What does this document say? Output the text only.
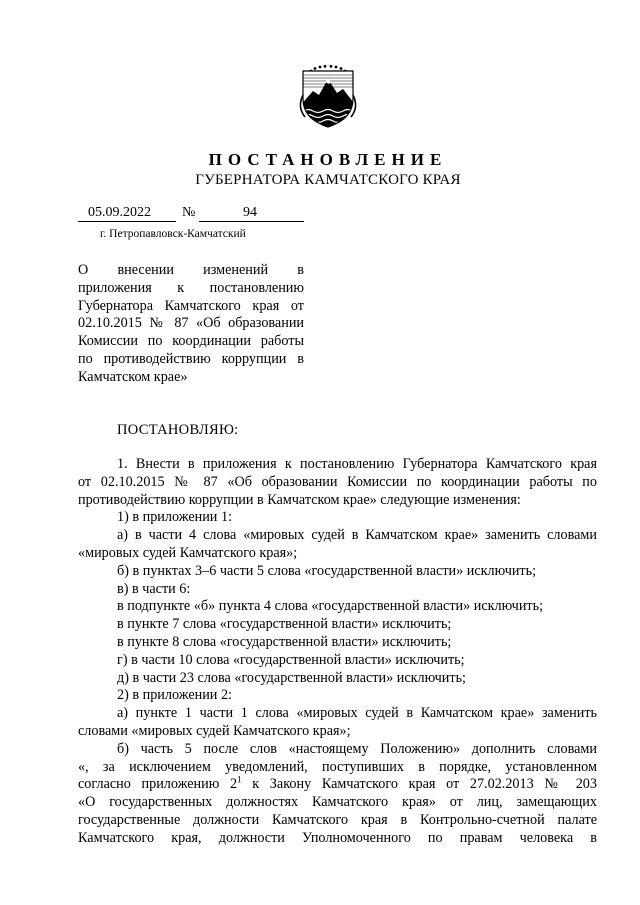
ПОСТАНОВЛЕНИЕ
ГУБЕРНАТОРА КАМЧАТСКОГО КРАЯ
05.09.2022 №	94
г. Петропавловск-Камчатский

О внесении изменений в

приложения к постановлению

Губернатора Камчатского края от

02.10.2015 № 87 «Об образовании

Комиссии по координации работы

по противодействию коррупции в

Камчатском крае»

ПОСТАНОВЛЯЮ:

1. Внести в приложения к постановлению Губернатора Камчатского края

от 02.10.2015 № 87 «Об образовании Комиссии по координации работы по

противодействию коррупции в Камчатском крае» следующие изменения:

1) в приложении 1:

а) в части 4 слова «мировых судей в Камчатском крае» заменить словами

«мировых судей Камчатского края»;

б) в пунктах 3–6 части 5 слова «государственной власти» исключить;

в) в части 6:

в подпункте «б» пункта 4 слова «государственной власти» исключить;

в пункте 7 слова «государственной власти» исключить;

в пункте 8 слова «государственной власти» исключить;

г) в части 10 слова «государственной власти» исключить;

д) в части 23 слова «государственной власти» исключить;

2) в приложении 2:

а) пункте 1 части 1 слова «мировых судей в Камчатском крае» заменить

словами «мировых судей Камчатского края»;

б) часть 5 после слов «настоящему Положению» дополнить словами

«, за исключением уведомлений, поступивших в порядке, установленном

согласно приложению $2^1$ к Закону Камчатского края от 27.02.2013 № 203

«О государственных должностях Камчатского края» от лиц, замещающих

государственные должности Камчатского края в Контрольно-счетной палате

Камчатского края, должности Уполномоченного по правам человека в
